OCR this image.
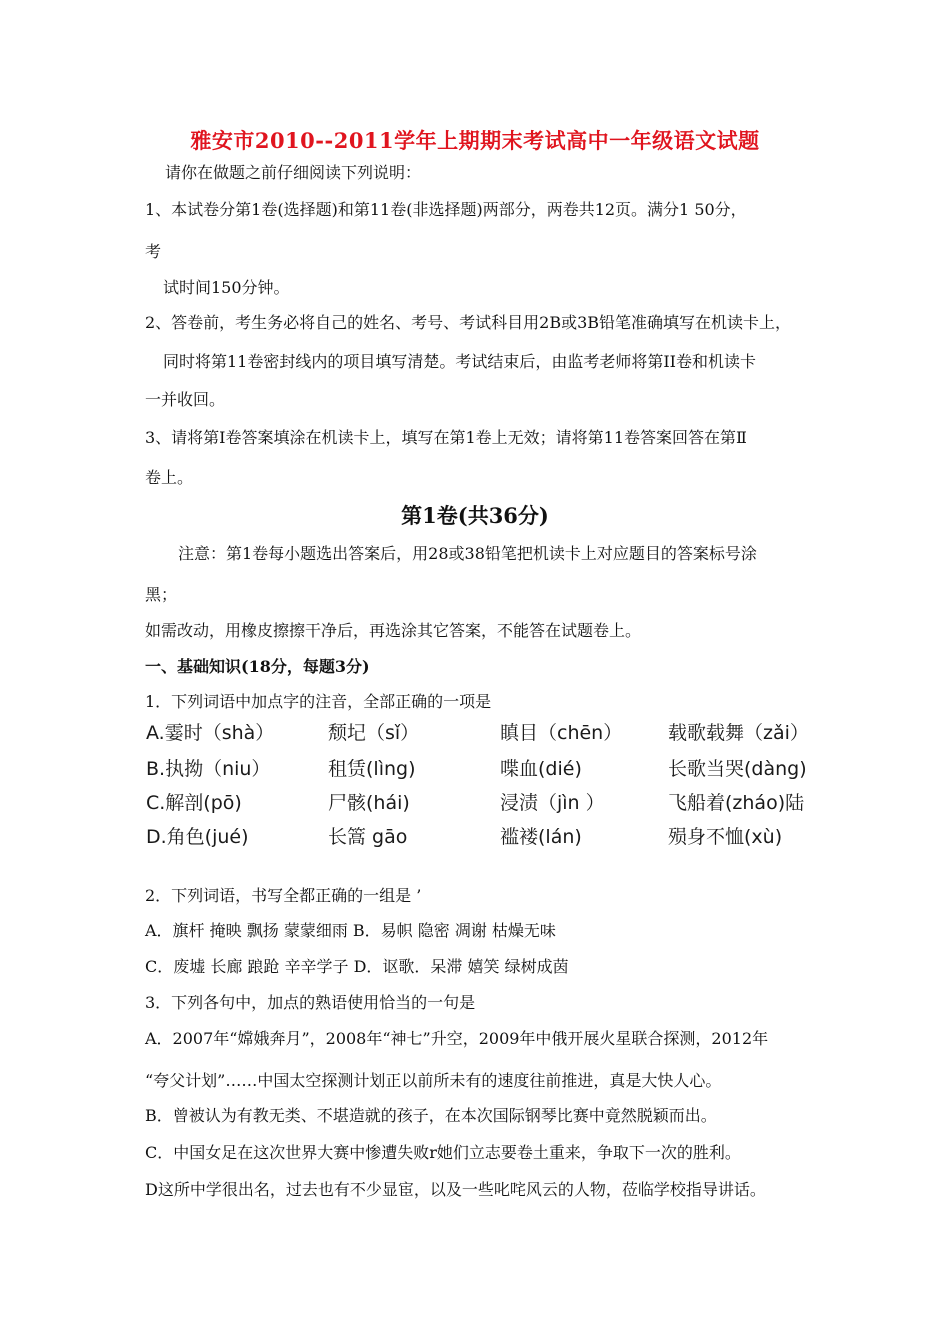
雅安市2010--2011学年上期期末考试高中一年级语文试题
请你在做题之前仔细阅读下列说明：
1、本试卷分第1卷(选择题)和第11卷(非选择题)两部分，两卷共12页。满分1 50分，
考
试时间150分钟。
2、答卷前，考生务必将自己的姓名、考号、考试科目用2B或3B铅笔准确填写在机读卡上，
同时将第11卷密封线内的项目填写清楚。考试结束后，由监考老师将第II卷和机读卡
一并收回。
3、请将第I卷答案填涂在机读卡上，填写在第1卷上无效；请将第11卷答案回答在第Ⅱ
卷上。
第1卷(共36分)
注意：第1卷每小题选出答案后，用28或38铅笔把机读卡上对应题目的答案标号涂
黑；
如需改动，用橡皮擦擦干净后，再选涂其它答案，不能答在试题卷上。
一、基础知识(18分，每题3分)
1．下列词语中加点字的注音，全部正确的一项是
A.霎时（shà）	颓圮（sǐ）	瞋目（chēn） 载歌载舞（zǎi）
B.执拗（niu）	租赁(lìng)	喋血(dié)	长歌当哭(dàng)
C.解剖(pō)	尸骸(hái)	浸渍（jìn ）	飞船着(zháo)陆
D.角色(jué)	长篙 gāo	褴褛(lán)	殒身不恤(xù)
2．下列词语，书写全都正确的一组是 ’
A．旗杆 掩映 飘扬 蒙蒙细雨 B．易帜 隐密 凋谢 枯燥无味
C．废墟 长廊 踉跄 辛辛学子 D．讴歌．呆滞 嬉笑 绿树成茵
3．下列各句中，加点的熟语使用恰当的一句是
A．2007年“嫦娥奔月”，2008年“神七”升空，2009年中俄开展火星联合探测，2012年
“夸父计划”……中国太空探测计划正以前所未有的速度往前推进，真是大快人心。
B．曾被认为有教无类、不堪造就的孩子，在本次国际钢琴比赛中竟然脱颖而出。
C．中国女足在这次世界大赛中惨遭失败r她们立志要卷土重来，争取下一次的胜利。
D这所中学很出名，过去也有不少显宦，以及一些叱咤风云的人物，莅临学校指导讲话。
